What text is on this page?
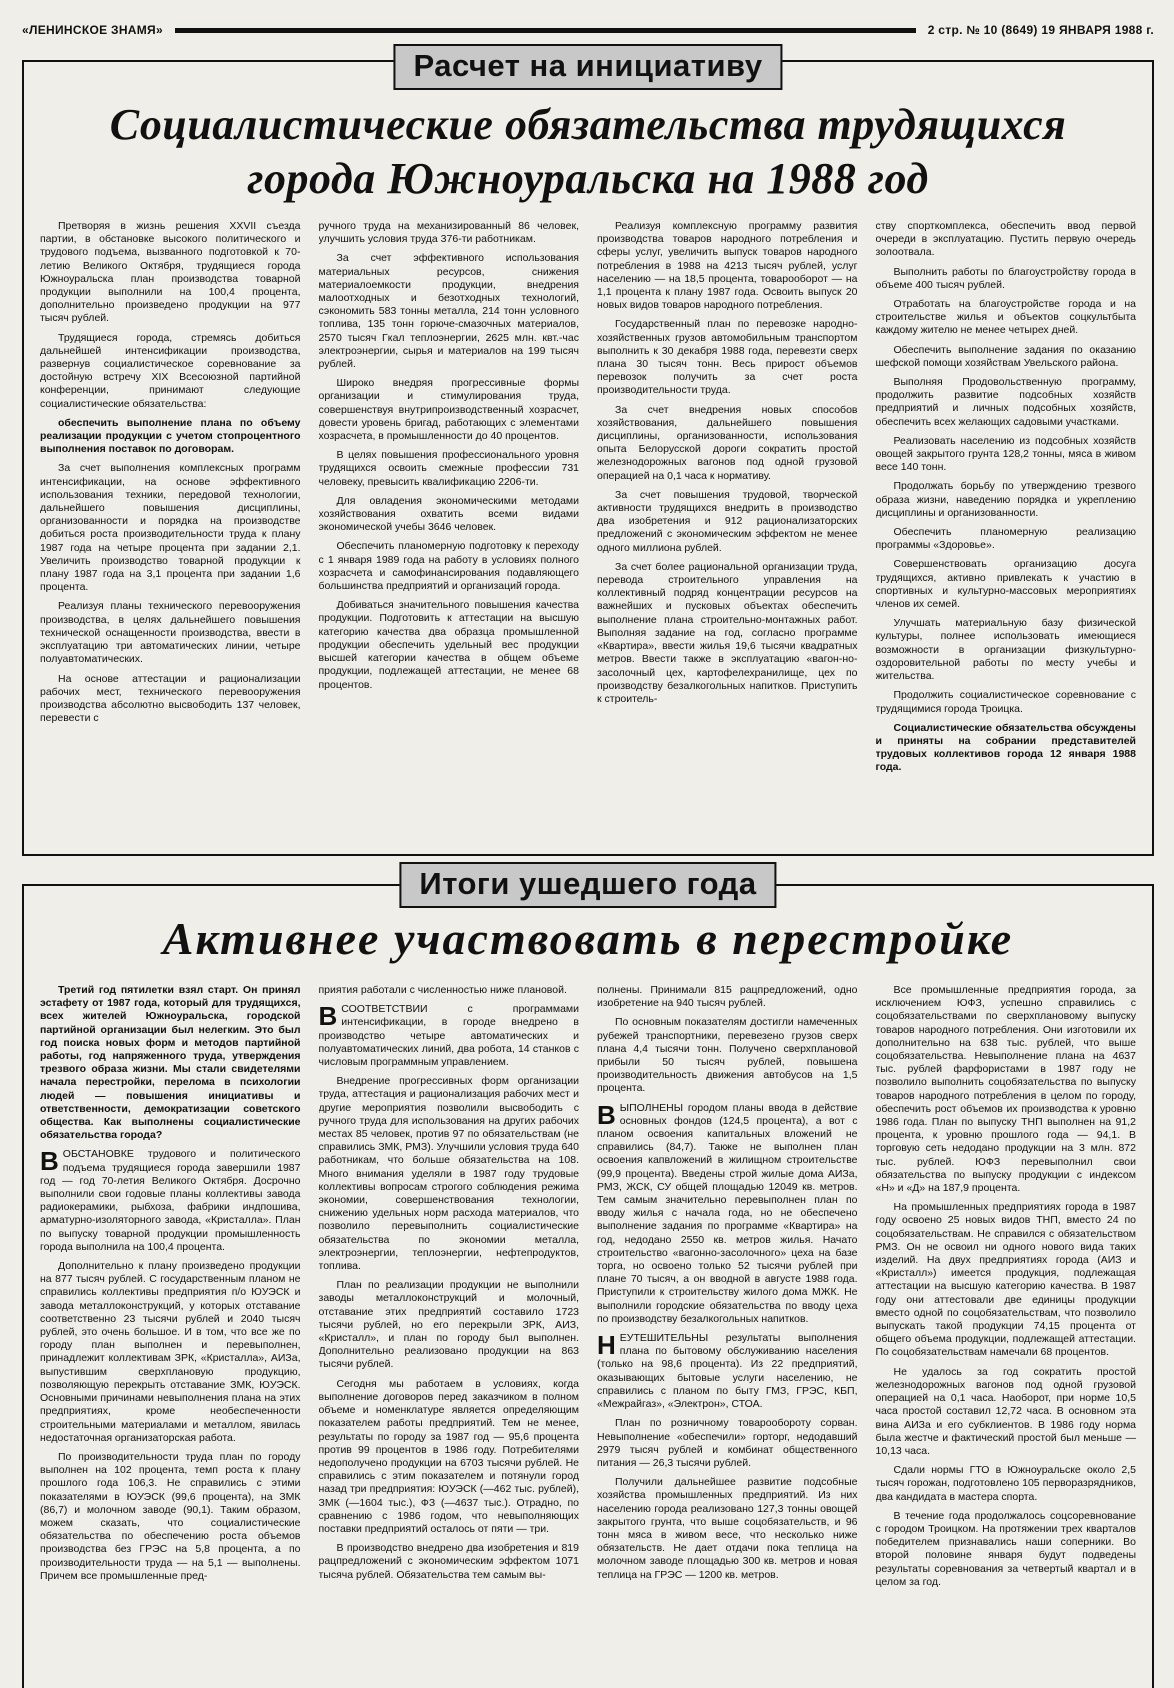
«ЛЕНИНСКОЕ ЗНАМЯ»	2 стр. № 10 (8649) 19 ЯНВАРЯ 1988 г.
Расчет на инициативу
Социалистические обязательства трудящихся
города Южноуральска на 1988 год

Претворяя в жизнь решения XXVII съезда партии, в обстановке высокого политического и трудового подъема, вызванного подготовкой к 70-летию Великого Октября, трудящиеся города Южноуральска план производства товарной продукции выполнили на 100,4 процента, дополнительно произведено продукции на 977 тысяч рублей.

Трудящиеся города, стремясь добиться дальнейшей интенсификации производства, развернув социалистическое соревнование за достойную встречу XIX Всесоюзной партийной конференции, принимают следующие социалистические обязательства:

обеспечить выполнение плана по объему реализации продукции с учетом стопроцентного выполнения поставок по договорам.

За счет выполнения комплексных программ интенсификации, на основе эффективного использования техники, передовой технологии, дальнейшего повышения дисциплины, организованности и порядка на производстве добиться роста производительности труда к плану 1987 года на четыре процента при задании 2,1. Увеличить производство товарной продукции к плану 1987 года на 3,1 процента при задании 1,6 процента.

Реализуя планы технического перевооружения производства, в целях дальнейшего повышения технической оснащенности производства, ввести в эксплуатацию три автоматических линии, четыре полуавтоматических.

На основе аттестации и рационализации рабочих мест, технического перевооружения производства абсолютно высвободить 137 человек, перевести с

ручного труда на механизированный 86 человек, улучшить условия труда 376-ти работникам.

За счет эффективного использования материальных ресурсов, снижения материалоемкости продукции, внедрения малоотходных и безотходных технологий, сэкономить 583 тонны металла, 214 тонн условного топлива, 135 тонн горюче-смазочных материалов, 2570 тысяч Гкал теплоэнергии, 2625 млн. квт.-час электроэнергии, сырья и материалов на 199 тысяч рублей.

Широко внедряя прогрессивные формы организации и стимулирования труда, совершенствуя внутрипроизводственный хозрасчет, довести уровень бригад, работающих с элементами хозрасчета, в промышленности до 40 процентов.

В целях повышения профессионального уровня трудящихся освоить смежные профессии 731 человеку, превысить квалификацию 2206-ти.

Для овладения экономическими методами хозяйствования охватить всеми видами экономической учебы 3646 человек.

Обеспечить планомерную подготовку к переходу с 1 января 1989 года на работу в условиях полного хозрасчета и самофинансирования подавляющего большинства предприятий и организаций города.

Добиваться значительного повышения качества продукции. Подготовить к аттестации на высшую категорию качества два образца промышленной продукции обеспечить удельный вес продукции высшей категории качества в общем объеме продукции, подлежащей аттестации, не менее 68 процентов.

Реализуя комплексную программу развития производства товаров народного потребления и сферы услуг, увеличить выпуск товаров народного потребления в 1988 на 4213 тысяч рублей, услуг населению — на 18,5 процента, товарооборот — на 1,1 процента к плану 1987 года. Освоить выпуск 20 новых видов товаров народного потребления.

Государственный план по перевозке народно-хозяйственных грузов автомобильным транспортом выполнить к 30 декабря 1988 года, перевезти сверх плана 30 тысяч тонн. Весь прирост объемов перевозок получить за счет роста производительности труда.

За счет внедрения новых способов хозяйствования, дальнейшего повышения дисциплины, организованности, использования опыта Белорусской дороги сократить простой железнодорожных вагонов под одной грузовой операцией на 0,1 часа к нормативу.

За счет повышения трудовой, творческой активности трудящихся внедрить в производство два изобретения и 912 рационализаторских предложений с экономическим эффектом не менее одного миллиона рублей.

За счет более рациональной организации труда, перевода строительного управления на коллективный подряд концентрации ресурсов на важнейших и пусковых объектах обеспечить выполнение плана строительно-монтажных работ. Выполняя задание на год, согласно программе «Квартира», ввести жилья 19,6 тысячи квадратных метров. Ввести также в эксплуатацию «вагон-но-засолочный цех, картофелехранилище, цех по производству безалкогольных напитков. Приступить к строитель-

ству спорткомплекса, обеспечить ввод первой очереди в эксплуатацию. Пустить первую очередь золоотвала.

Выполнить работы по благоустройству города в объеме 400 тысяч рублей.

Отработать на благоустройстве города и на строительстве жилья и объектов соцкультбыта каждому жителю не менее четырех дней.

Обеспечить выполнение задания по оказанию шефской помощи хозяйствам Увельского района.

Выполняя Продовольственную программу, продолжить развитие подсобных хозяйств предприятий и личных подсобных хозяйств, обеспечить всех желающих садовыми участками.

Реализовать населению из подсобных хозяйств овощей закрытого грунта 128,2 тонны, мяса в живом весе 140 тонн.

Продолжать борьбу по утверждению трезвого образа жизни, наведению порядка и укреплению дисциплины и организованности.

Обеспечить планомерную реализацию программы «Здоровье».

Совершенствовать организацию досуга трудящихся, активно привлекать к участию в спортивных и культурно-массовых мероприятиях членов их семей.

Улучшать материальную базу физической культуры, полнее использовать имеющиеся возможности в организации физкультурно-оздоровительной работы по месту учебы и жительства.

Продолжить социалистическое соревнование с трудящимися города Троицка.

Социалистические обязательства обсуждены и приняты на собрании представителей трудовых коллективов города 12 января 1988 года.

Итоги ушедшего года
Активнее участвовать в перестройке

Третий год пятилетки взял старт. Он принял эстафету от 1987 года, который для трудящихся, всех жителей Южноуральска, городской партийной организации был нелегким. Это был год поиска новых форм и методов партийной работы, год напряженного труда, утверждения трезвого образа жизни. Мы стали свидетелями начала перестройки, перелома в психологии людей — повышения инициативы и ответственности, демократизации советского общества. Как выполнены социалистические обязательства города?

ВОБСТАНОВКЕ трудового и политического подъема трудящиеся города завершили 1987 год — год 70-летия Великого Октября. Досрочно выполнили свои годовые планы коллективы завода радиокерамики, рыбхоза, фабрики индпошива, арматурно-изоляторного завода, «Кристалла». План по выпуску товарной продукции промышленность города выполнила на 100,4 процента.

Дополнительно к плану произведено продукции на 877 тысяч рублей. С государственным планом не справились коллективы предприятия п/о ЮУЭСК и завода металлоконструкций, у которых отставание соответственно 23 тысячи рублей и 2040 тысяч рублей, это очень большое. И в том, что все же по городу план выполнен и перевыполнен, принадлежит коллективам ЗРК, «Кристалла», АИЗа, выпустившим сверхплановую продукцию, позволяющую перекрыть отставание ЗМК, ЮУЭСК. Основными причинами невыполнения плана на этих предприятиях, кроме необеспеченности строительными материалами и металлом, явилась недостаточная организаторская работа.

По производительности труда план по городу выполнен на 102 процента, темп роста к плану прошлого года 106,3. Не справились с этими показателями в ЮУЭСК (99,6 процента), на ЗМК (86,7) и молочном заводе (90,1). Таким образом, можем сказать, что социалистические обязательства по обеспечению роста объемов производства без ГРЭС на 5,8 процента, а по производительности труда — на 5,1 — выполнены. Причем все промышленные пред-

приятия работали с численностью ниже плановой.

ВСООТВЕТСТВИИ с программами интенсификации, в городе внедрено в производство четыре автоматических и полуавтоматических линий, два робота, 14 станков с числовым программным управлением.

Внедрение прогрессивных форм организации труда, аттестация и рационализация рабочих мест и другие мероприятия позволили высвободить с ручного труда для использования на других рабочих местах 85 человек, против 97 по обязательствам (не справились ЗМК, РМЗ). Улучшили условия труда 640 работникам, что больше обязательства на 108. Много внимания уделяли в 1987 году трудовые коллективы вопросам строгого соблюдения режима экономии, совершенствования технологии, снижению удельных норм расхода материалов, что позволило перевыполнить социалистические обязательства по экономии металла, электроэнергии, теплоэнергии, нефтепродуктов, топлива.

План по реализации продукции не выполнили заводы металлоконструкций и молочный, отставание этих предприятий составило 1723 тысячи рублей, но его перекрыли ЗРК, АИЗ, «Кристалл», и план по городу был выполнен. Дополнительно реализовано продукции на 863 тысячи рублей.

Сегодня мы работаем в условиях, когда выполнение договоров перед заказчиком в полном объеме и номенклатуре является определяющим показателем работы предприятий. Тем не менее, результаты по городу за 1987 год — 95,6 процента против 99 процентов в 1986 году. Потребителями недополучено продукции на 6703 тысячи рублей. Не справились с этим показателем и потянули город назад три предприятия: ЮУЭСК (—462 тыс. рублей), ЗМК (—1604 тыс.), ФЗ (—4637 тыс.). Отрадно, по сравнению с 1986 годом, что невыполняющих поставки предприятий осталось от пяти — три.

В производство внедрено два изобретения и 819 рацпредложений с экономическим эффектом 1071 тысяча рублей. Обязательства тем самым вы-

полнены. Принимали 815 рацпредложений, одно изобретение на 940 тысяч рублей.

По основным показателям достигли намеченных рубежей транспортники, перевезено грузов сверх плана 4,4 тысячи тонн. Получено сверхплановой прибыли 50 тысяч рублей, повышена производительность движения автобусов на 1,5 процента.

ВЫПОЛНЕНЫ городом планы ввода в действие основных фондов (124,5 процента), а вот с планом освоения капитальных вложений не справились (84,7). Также не выполнен план освоения капвложений в жилищном строительстве (99,9 процента). Введены строй жилые дома АИЗа, РМЗ, ЖСК, СУ общей площадью 12049 кв. метров. Тем самым значительно перевыполнен план по вводу жилья с начала года, но не обеспечено выполнение задания по программе «Квартира» на год, недодано 2550 кв. метров жилья. Начато строительство «вагонно-засолочного» цеха на базе торга, но освоено только 52 тысячи рублей при плане 70 тысяч, а он вводной в августе 1988 года. Приступили к строительству жилого дома МЖК. Не выполнили городские обязательства по вводу цеха по производству безалкогольных напитков.

НЕУТЕШИТЕЛЬНЫ результаты выполнения плана по бытовому обслуживанию населения (только на 98,6 процента). Из 22 предприятий, оказывающих бытовые услуги населению, не справились с планом по быту ГМЗ, ГРЭС, КБП, «Межрайгаз», «Электрон», СТОА.

План по розничному товарообороту сорван. Невыполнение «обеспечили» горторг, недодавший 2979 тысяч рублей и комбинат общественного питания — 26,3 тысячи рублей.

Получили дальнейшее развитие подсобные хозяйства промышленных предприятий. Из них населению города реализовано 127,3 тонны овощей закрытого грунта, что выше соцобязательств, и 96 тонн мяса в живом весе, что несколько ниже обязательств. Не дает отдачи пока теплица на молочном заводе площадью 300 кв. метров и новая теплица на ГРЭС — 1200 кв. метров.

Все промышленные предприятия города, за исключением ЮФЗ, успешно справились с соцобязательствами по сверхплановому выпуску товаров народного потребления. Они изготовили их дополнительно на 638 тыс. рублей, что выше соцобязательства. Невыполнение плана на 4637 тыс. рублей фарфористами в 1987 году не позволило выполнить соцобязательства по выпуску товаров народного потребления в целом по городу, обеспечить рост объемов их производства к уровню 1986 года. План по выпуску ТНП выполнен на 91,2 процента, к уровню прошлого года — 94,1. В торговую сеть недодано продукции на 3 млн. 872 тыс. рублей. ЮФЗ перевыполнил свои обязательства по выпуску продукции с индексом «Н» и «Д» на 187,9 процента.

На промышленных предприятиях города в 1987 году освоено 25 новых видов ТНП, вместо 24 по соцобязательствам. Не справился с обязательством РМЗ. Он не освоил ни одного нового вида таких изделий. На двух предприятиях города (АИЗ и «Кристалл») имеется продукция, подлежащая аттестации на высшую категорию качества. В 1987 году они аттестовали две единицы продукции вместо одной по соцобязательствам, что позволило выпускать такой продукции 74,15 процента от общего объема продукции, подлежащей аттестации. По соцобязательствам намечали 68 процентов.

Не удалось за год сократить простой железнодорожных вагонов под одной грузовой операцией на 0,1 часа. Наоборот, при норме 10,5 часа простой составил 12,72 часа. В основном эта вина АИЗа и его субклиентов. В 1986 году норма была жестче и фактический простой был меньше — 10,13 часа.

Сдали нормы ГТО в Южноуральске около 2,5 тысяч горожан, подготовлено 105 перворазрядников, два кандидата в мастера спорта.

В течение года продолжалось соцсоревнование с городом Троицком. На протяжении трех кварталов победителем признавались наши соперники. Во второй половине января будут подведены результаты соревнования за четвертый квартал и в целом за год.
